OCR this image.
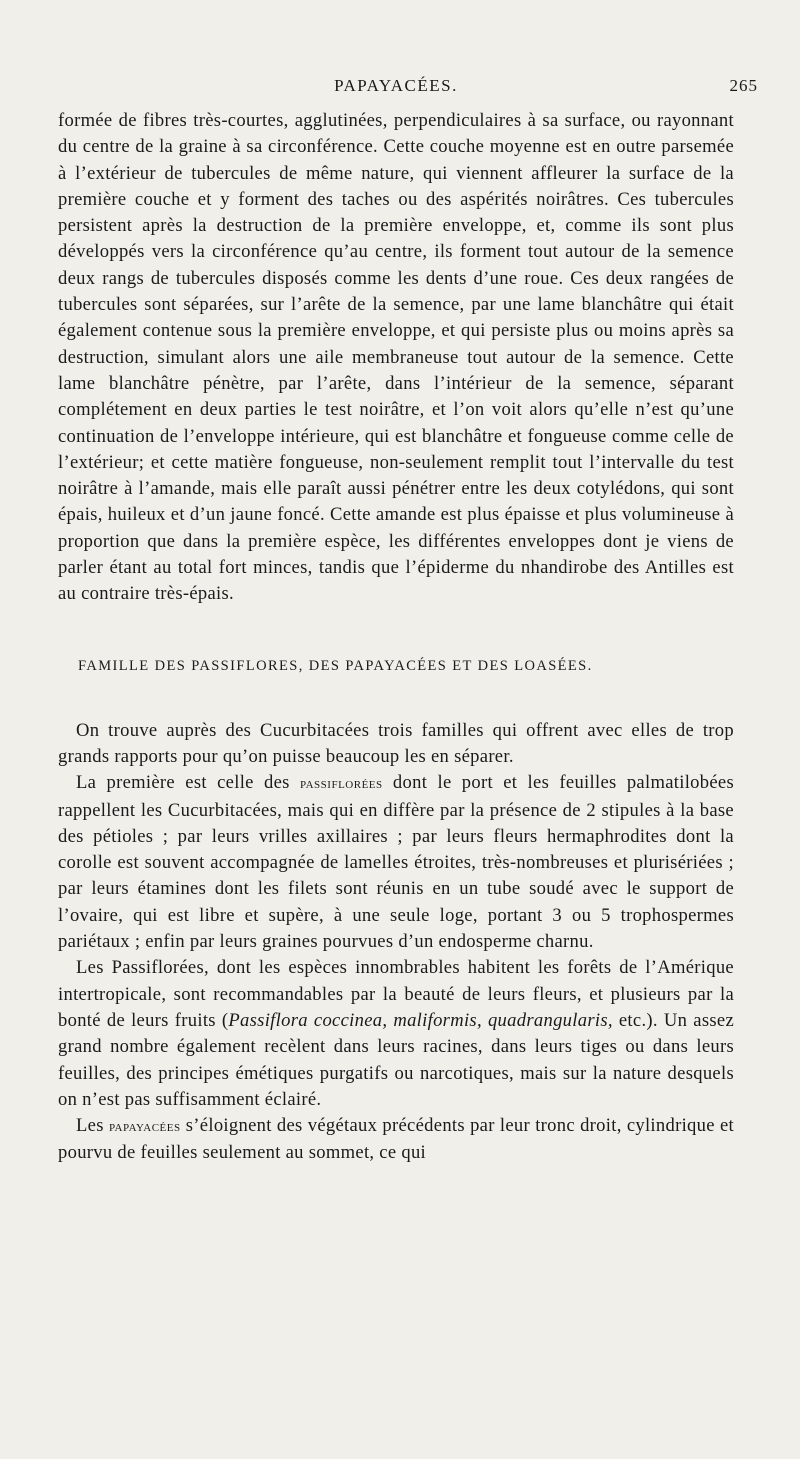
PAPAYACÉES.	265

formée de fibres très-courtes, agglutinées, perpendiculaires à sa surface, ou rayonnant du centre de la graine à sa circonférence. Cette couche moyenne est en outre parsemée à l’extérieur de tubercules de même nature, qui viennent affleurer la surface de la première couche et y forment des taches ou des aspérités noirâtres. Ces tubercules persistent après la destruction de la première enveloppe, et, comme ils sont plus développés vers la circonférence qu’au centre, ils forment tout autour de la semence deux rangs de tubercules disposés comme les dents d’une roue. Ces deux rangées de tubercules sont séparées, sur l’arête de la semence, par une lame blanchâtre qui était également contenue sous la première enveloppe, et qui persiste plus ou moins après sa destruction, simulant alors une aile membraneuse tout autour de la semence. Cette lame blanchâtre pénètre, par l’arête, dans l’intérieur de la semence, séparant complétement en deux parties le test noirâtre, et l’on voit alors qu’elle n’est qu’une continuation de l’enveloppe intérieure, qui est blanchâtre et fongueuse comme celle de l’extérieur; et cette matière fongueuse, non-seulement remplit tout l’intervalle du test noirâtre à l’amande, mais elle paraît aussi pénétrer entre les deux cotylédons, qui sont épais, huileux et d’un jaune foncé. Cette amande est plus épaisse et plus volumineuse à proportion que dans la première espèce, les différentes enveloppes dont je viens de parler étant au total fort minces, tandis que l’épiderme du nhandirobe des Antilles est au contraire très-épais.

FAMILLE DES PASSIFLORES, DES PAPAYACÉES ET DES LOASÉES.

On trouve auprès des Cucurbitacées trois familles qui offrent avec elles de trop grands rapports pour qu’on puisse beaucoup les en séparer.

La première est celle des passiflorées dont le port et les feuilles palmatilobées rappellent les Cucurbitacées, mais qui en diffère par la présence de 2 stipules à la base des pétioles ; par leurs vrilles axillaires ; par leurs fleurs hermaphrodites dont la corolle est souvent accompagnée de lamelles étroites, très-nombreuses et plurisériées ; par leurs étamines dont les filets sont réunis en un tube soudé avec le support de l’ovaire, qui est libre et supère, à une seule loge, portant 3 ou 5 trophospermes pariétaux ; enfin par leurs graines pourvues d’un endosperme charnu.

Les Passiflorées, dont les espèces innombrables habitent les forêts de l’Amérique intertropicale, sont recommandables par la beauté de leurs fleurs, et plusieurs par la bonté de leurs fruits (Passiflora coccinea, maliformis, quadrangularis, etc.). Un assez grand nombre également recèlent dans leurs racines, dans leurs tiges ou dans leurs feuilles, des principes émétiques purgatifs ou narcotiques, mais sur la nature desquels on n’est pas suffisamment éclairé.

Les papayacées s’éloignent des végétaux précédents par leur tronc droit, cylindrique et pourvu de feuilles seulement au sommet, ce qui
